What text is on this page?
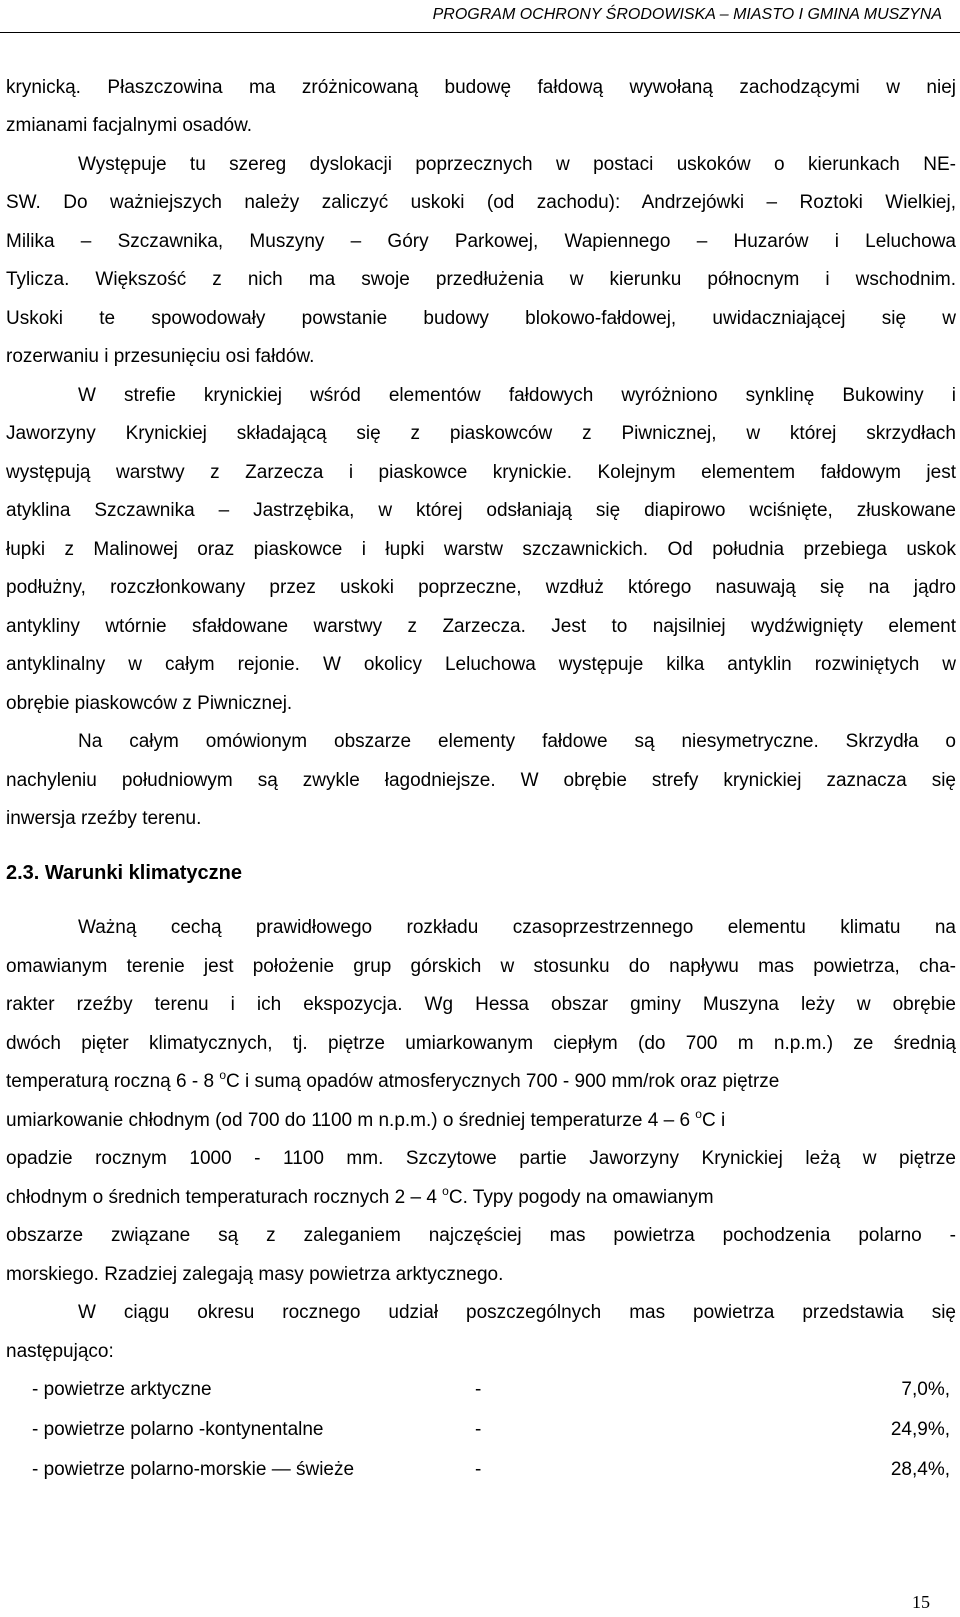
PROGRAM OCHRONY ŚRODOWISKA – MIASTO I GMINA MUSZYNA
krynicką. Płaszczowina ma zróżnicowaną budowę fałdową wywołaną zachodzącymi w niej
zmianami facjalnymi osadów.
Występuje tu szereg dyslokacji poprzecznych w postaci uskoków o kierunkach NE-
SW. Do ważniejszych należy zaliczyć uskoki (od zachodu): Andrzejówki – Roztoki Wielkiej,
Milika – Szczawnika, Muszyny – Góry Parkowej, Wapiennego – Huzarów i Leluchowa
Tylicza. Większość z nich ma swoje przedłużenia w kierunku północnym i wschodnim.
Uskoki te spowodowały powstanie budowy blokowo-fałdowej, uwidaczniającej się w
rozerwaniu i przesunięciu osi fałdów.
W strefie krynickiej wśród elementów fałdowych wyróżniono synklinę Bukowiny i
Jaworzyny Krynickiej składającą się z piaskowców z Piwnicznej, w której skrzydłach
występują warstwy z Zarzecza i piaskowce krynickie. Kolejnym elementem fałdowym jest
atyklina Szczawnika – Jastrzębika, w której odsłaniają się diapirowo wciśnięte, złuskowane
łupki z Malinowej oraz piaskowce i łupki warstw szczawnickich. Od południa przebiega uskok
podłużny, rozczłonkowany przez uskoki poprzeczne, wzdłuż którego nasuwają się na jądro
antykliny wtórnie sfałdowane warstwy z Zarzecza. Jest to najsilniej wydźwignięty element
antyklinalny w całym rejonie. W okolicy Leluchowa występuje kilka antyklin rozwiniętych w
obrębie piaskowców z Piwnicznej.
Na całym omówionym obszarze elementy fałdowe są niesymetryczne. Skrzydła o
nachyleniu południowym są zwykle łagodniejsze. W obrębie strefy krynickiej zaznacza się
inwersja rzeźby terenu.
2.3. Warunki klimatyczne
Ważną cechą prawidłowego rozkładu czasoprzestrzennego elementu klimatu na
omawianym terenie jest położenie grup górskich w stosunku do napływu mas powietrza, cha-
rakter rzeźby terenu i ich ekspozycja. Wg Hessa obszar gminy Muszyna leży w obrębie
dwóch pięter klimatycznych, tj. piętrze umiarkowanym ciepłym (do 700 m n.p.m.) ze średnią
temperaturą roczną 6 - 8 $^o$C i sumą opadów atmosferycznych 700 - 900 mm/rok oraz piętrze
umiarkowanie chłodnym (od 700 do 1100 m n.p.m.) o średniej temperaturze 4 – 6 $^o$C i
opadzie rocznym 1000 - 1100 mm. Szczytowe partie Jaworzyny Krynickiej leżą w piętrze
chłodnym o średnich temperaturach rocznych 2 – 4 $^o$C. Typy pogody na omawianym
obszarze związane są z zaleganiem najczęściej mas powietrza pochodzenia polarno -
morskiego. Rzadziej zalegają masy powietrza arktycznego.
W ciągu okresu rocznego udział poszczególnych mas powietrza przedstawia się
następująco:
- powietrze arktyczne	-	7,0%,
- powietrze polarno -kontynentalne	-	24,9%,
- powietrze polarno-morskie — świeże	-	28,4%,
15
